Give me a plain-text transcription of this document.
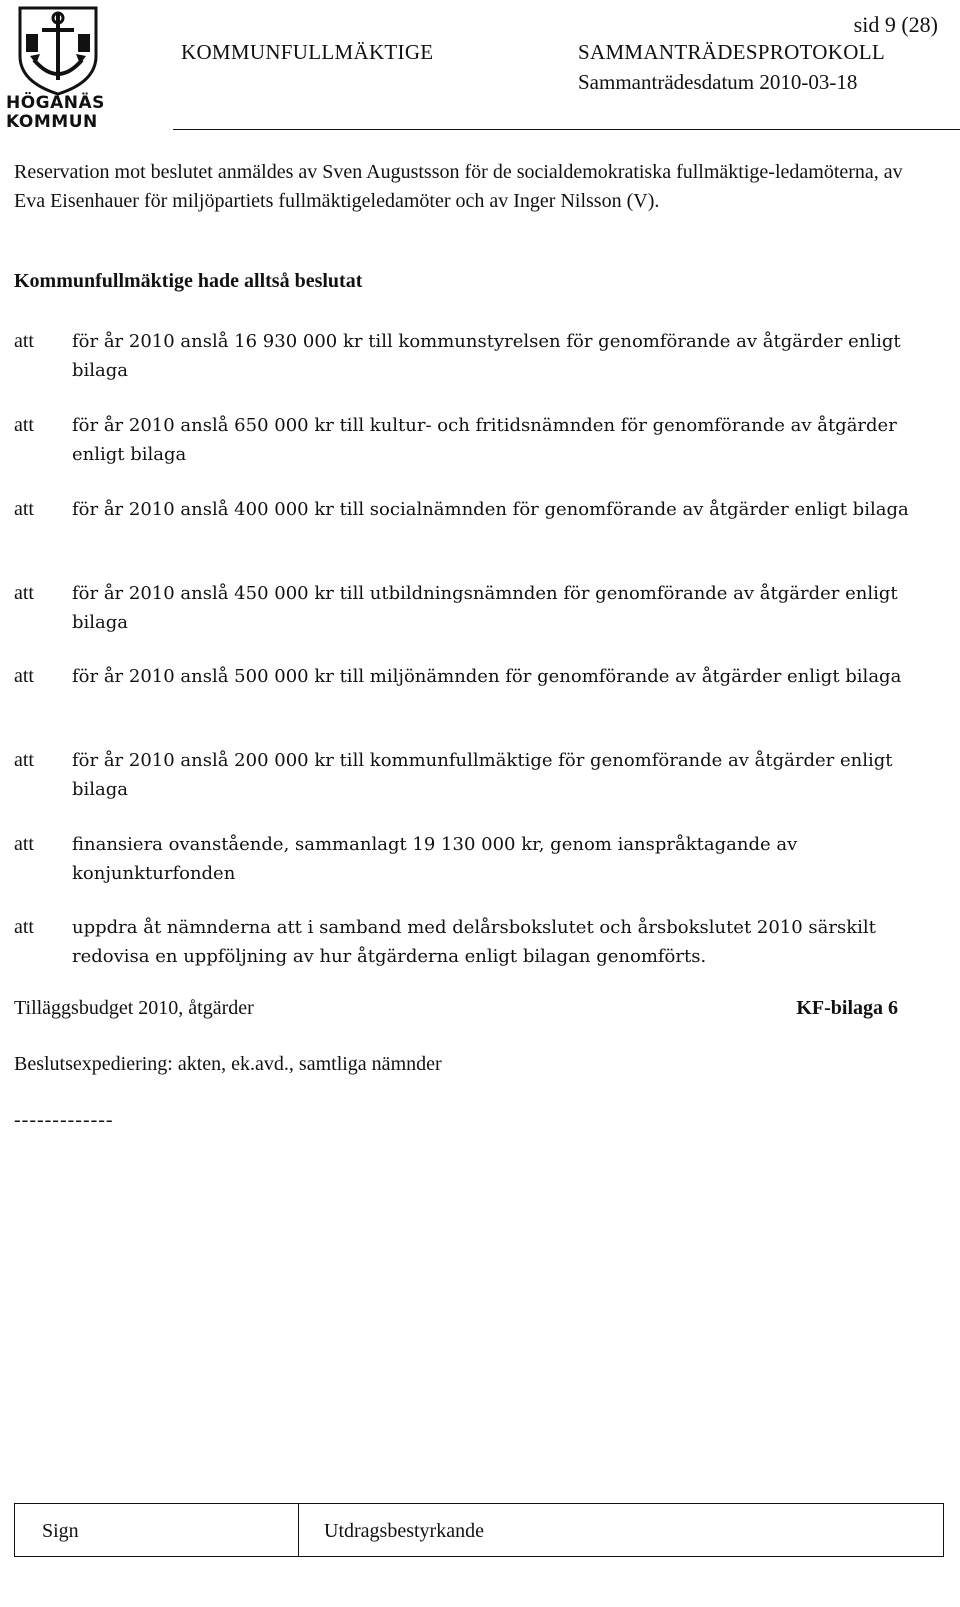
HÖGANÄS
KOMMUN
sid 9 (28)
KOMMUNFULLMÄKTIGE	SAMMANTRÄDESPROTOKOLL
Sammanträdesdatum 2010-03-18
Reservation mot beslutet anmäldes av Sven Augustsson för de socialdemokratiska fullmäktige-ledamöterna, av Eva Eisenhauer för miljöpartiets fullmäktigeledamöter och av Inger Nilsson (V).
Kommunfullmäktige hade alltså beslutat
att för år 2010 anslå 16 930 000 kr till kommunstyrelsen för genomförande av åtgärder enligt bilaga
att för år 2010 anslå 650 000 kr till kultur- och fritidsnämnden för genomförande av åtgärder enligt bilaga
att för år 2010 anslå 400 000 kr till socialnämnden för genomförande av åtgärder enligt bilaga
att för år 2010 anslå 450 000 kr till utbildningsnämnden för genomförande av åtgärder enligt bilaga
att för år 2010 anslå 500 000 kr till miljönämnden för genomförande av åtgärder enligt bilaga
att för år 2010 anslå 200 000 kr till kommunfullmäktige för genomförande av åtgärder enligt bilaga
att finansiera ovanstående, sammanlagt 19 130 000 kr, genom ianspråktagande av konjunkturfonden
att uppdra åt nämnderna att i samband med delårsbokslutet och årsbokslutet 2010 särskilt redovisa en uppföljning av hur åtgärderna enligt bilagan genomförts.
Tilläggsbudget 2010, åtgärder	KF-bilaga 6
Beslutsexpediering: akten, ek.avd., samtliga nämnder
-------------
Sign	Utdragsbestyrkande
